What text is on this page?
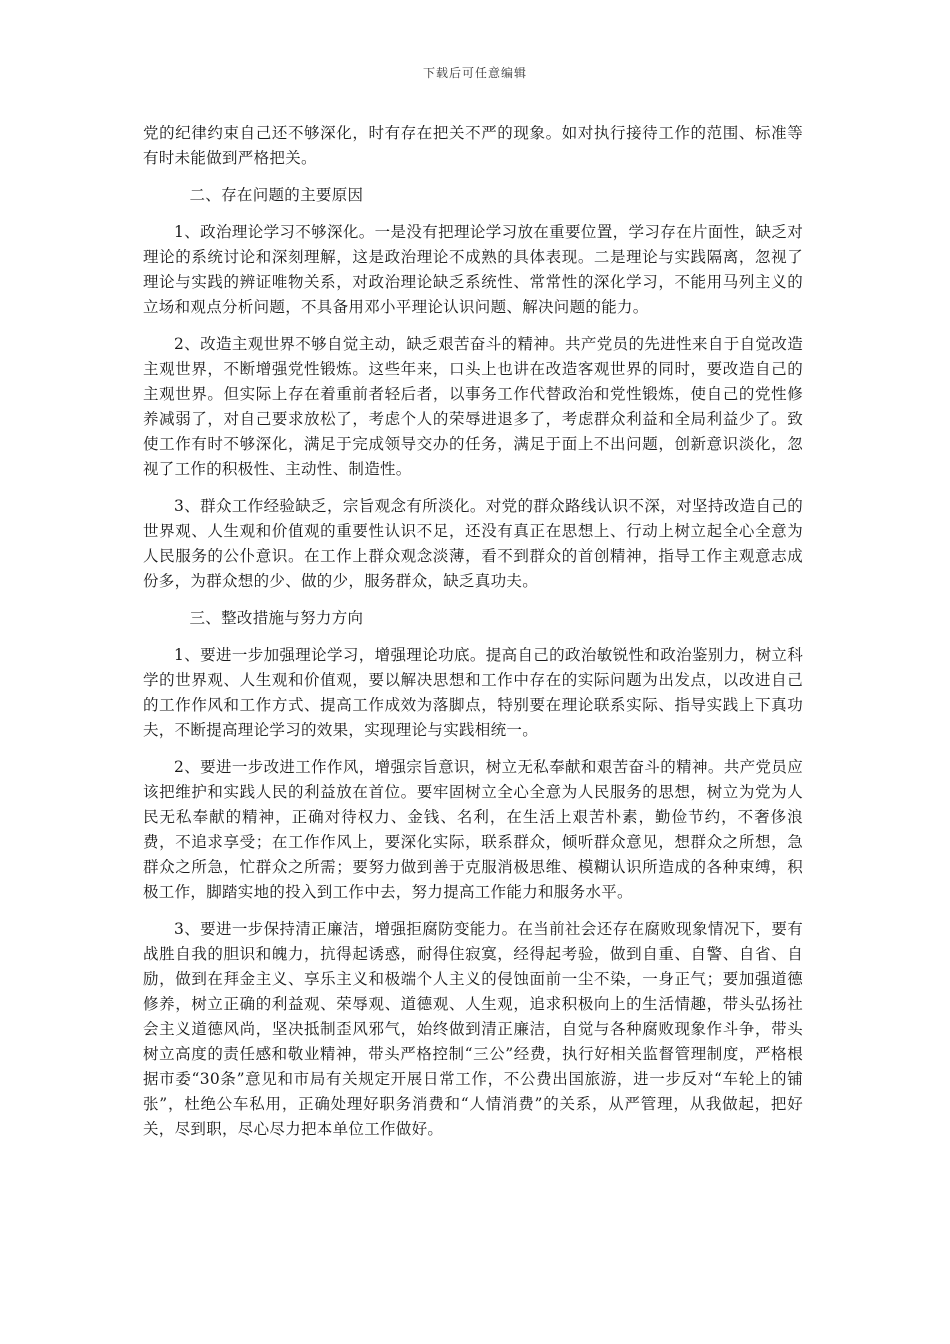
下载后可任意编辑

党的纪律约束自己还不够深化，时有存在把关不严的现象。如对执行接待工作的范围、标准等有时未能做到严格把关。

二、存在问题的主要原因

1、政治理论学习不够深化。一是没有把理论学习放在重要位置，学习存在片面性，缺乏对理论的系统讨论和深刻理解，这是政治理论不成熟的具体表现。二是理论与实践隔离，忽视了理论与实践的辨证唯物关系，对政治理论缺乏系统性、常常性的深化学习，不能用马列主义的立场和观点分析问题，不具备用邓小平理论认识问题、解决问题的能力。

2、改造主观世界不够自觉主动，缺乏艰苦奋斗的精神。共产党员的先进性来自于自觉改造主观世界，不断增强党性锻炼。这些年来，口头上也讲在改造客观世界的同时，要改造自己的主观世界。但实际上存在着重前者轻后者，以事务工作代替政治和党性锻炼，使自己的党性修养减弱了，对自己要求放松了，考虑个人的荣辱进退多了，考虑群众利益和全局利益少了。致使工作有时不够深化，满足于完成领导交办的任务，满足于面上不出问题，创新意识淡化，忽视了工作的积极性、主动性、制造性。

3、群众工作经验缺乏，宗旨观念有所淡化。对党的群众路线认识不深，对坚持改造自己的世界观、人生观和价值观的重要性认识不足，还没有真正在思想上、行动上树立起全心全意为人民服务的公仆意识。在工作上群众观念淡薄，看不到群众的首创精神，指导工作主观意志成份多，为群众想的少、做的少，服务群众，缺乏真功夫。

三、整改措施与努力方向

1、要进一步加强理论学习，增强理论功底。提高自己的政治敏锐性和政治鉴别力，树立科学的世界观、人生观和价值观，要以解决思想和工作中存在的实际问题为出发点，以改进自己的工作作风和工作方式、提高工作成效为落脚点，特别要在理论联系实际、指导实践上下真功夫，不断提高理论学习的效果，实现理论与实践相统一。

2、要进一步改进工作作风，增强宗旨意识，树立无私奉献和艰苦奋斗的精神。共产党员应该把维护和实践人民的利益放在首位。要牢固树立全心全意为人民服务的思想，树立为党为人民无私奉献的精神，正确对待权力、金钱、名利，在生活上艰苦朴素，勤俭节约，不奢侈浪费，不追求享受；在工作作风上，要深化实际，联系群众，倾听群众意见，想群众之所想，急群众之所急，忙群众之所需；要努力做到善于克服消极思维、模糊认识所造成的各种束缚，积极工作，脚踏实地的投入到工作中去，努力提高工作能力和服务水平。

3、要进一步保持清正廉洁，增强拒腐防变能力。在当前社会还存在腐败现象情况下，要有战胜自我的胆识和魄力，抗得起诱惑，耐得住寂寞，经得起考验，做到自重、自警、自省、自励，做到在拜金主义、享乐主义和极端个人主义的侵蚀面前一尘不染，一身正气；要加强道德修养，树立正确的利益观、荣辱观、道德观、人生观，追求积极向上的生活情趣，带头弘扬社会主义道德风尚，坚决抵制歪风邪气，始终做到清正廉洁，自觉与各种腐败现象作斗争，带头树立高度的责任感和敬业精神，带头严格控制“三公”经费，执行好相关监督管理制度，严格根据市委“30条”意见和市局有关规定开展日常工作，不公费出国旅游，进一步反对“车轮上的铺张”，杜绝公车私用，正确处理好职务消费和“人情消费”的关系，从严管理，从我做起，把好关，尽到职，尽心尽力把本单位工作做好。
